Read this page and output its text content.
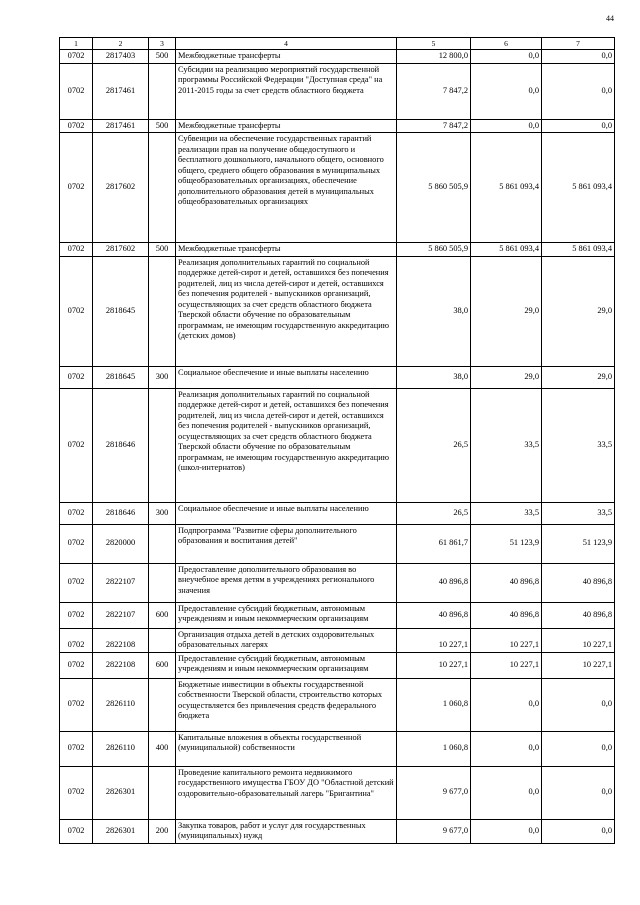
44
1	2	3	4	5	6	7
0702	2817403	500	Межбюджетные трансферты	12 800,0	0,0	0,0
0702	2817461		Субсидии на реализацию мероприятий государственной программы Российской Федерации "Доступная среда" на 2011-2015 годы за счет средств областного бюджета	7 847,2	0,0	0,0
0702	2817461	500	Межбюджетные трансферты	7 847,2	0,0	0,0
0702	2817602		Субвенции на обеспечение государственных гарантий реализации прав на получение общедоступного и бесплатного дошкольного, начального общего, основного общего, среднего общего образования в муниципальных общеобразовательных организациях, обеспечение дополнительного образования детей в муниципальных общеобразовательных организациях	5 860 505,9	5 861 093,4	5 861 093,4
0702	2817602	500	Межбюджетные трансферты	5 860 505,9	5 861 093,4	5 861 093,4
0702	2818645		Реализация дополнительных гарантий по социальной поддержке детей-сирот и детей, оставшихся без попечения родителей, лиц из числа детей-сирот и детей, оставшихся без попечения родителей - выпускников организаций, осуществляющих за счет средств областного бюджета Тверской области обучение по образовательным программам, не имеющим государственную аккредитацию (детских домов)	38,0	29,0	29,0
0702	2818645	300	Социальное обеспечение и иные выплаты населению	38,0	29,0	29,0
0702	2818646		Реализация дополнительных гарантий по социальной поддержке детей-сирот и детей, оставшихся без попечения родителей, лиц из числа детей-сирот и детей, оставшихся без попечения родителей - выпускников организаций, осуществляющих за счет средств областного бюджета Тверской области обучение по образовательным программам, не имеющим государственную аккредитацию (школ-интернатов)	26,5	33,5	33,5
0702	2818646	300	Социальное обеспечение и иные выплаты населению	26,5	33,5	33,5
0702	2820000		Подпрограмма "Развитие сферы дополнительного образования и воспитания детей"	61 861,7	51 123,9	51 123,9
0702	2822107		Предоставление дополнительного образования во внеучебное время детям в учреждениях регионального значения	40 896,8	40 896,8	40 896,8
0702	2822107	600	Предоставление субсидий бюджетным, автономным учреждениям и иным некоммерческим организациям	40 896,8	40 896,8	40 896,8
0702	2822108		Организация отдыха детей в детских оздоровительных образовательных лагерях	10 227,1	10 227,1	10 227,1
0702	2822108	600	Предоставление субсидий бюджетным, автономным учреждениям и иным некоммерческим организациям	10 227,1	10 227,1	10 227,1
0702	2826110		Бюджетные инвестиции в объекты государственной собственности Тверской области, строительство которых осуществляется без привлечения средств федерального бюджета	1 060,8	0,0	0,0
0702	2826110	400	Капитальные вложения в объекты государственной (муниципальной) собственности	1 060,8	0,0	0,0
0702	2826301		Проведение капитального ремонта недвижимого государственного имущества ГБОУ ДО "Областной детский оздоровительно-образовательный лагерь "Бригантина"	9 677,0	0,0	0,0
0702	2826301	200	Закупка товаров, работ и услуг для государственных (муниципальных) нужд	9 677,0	0,0	0,0
